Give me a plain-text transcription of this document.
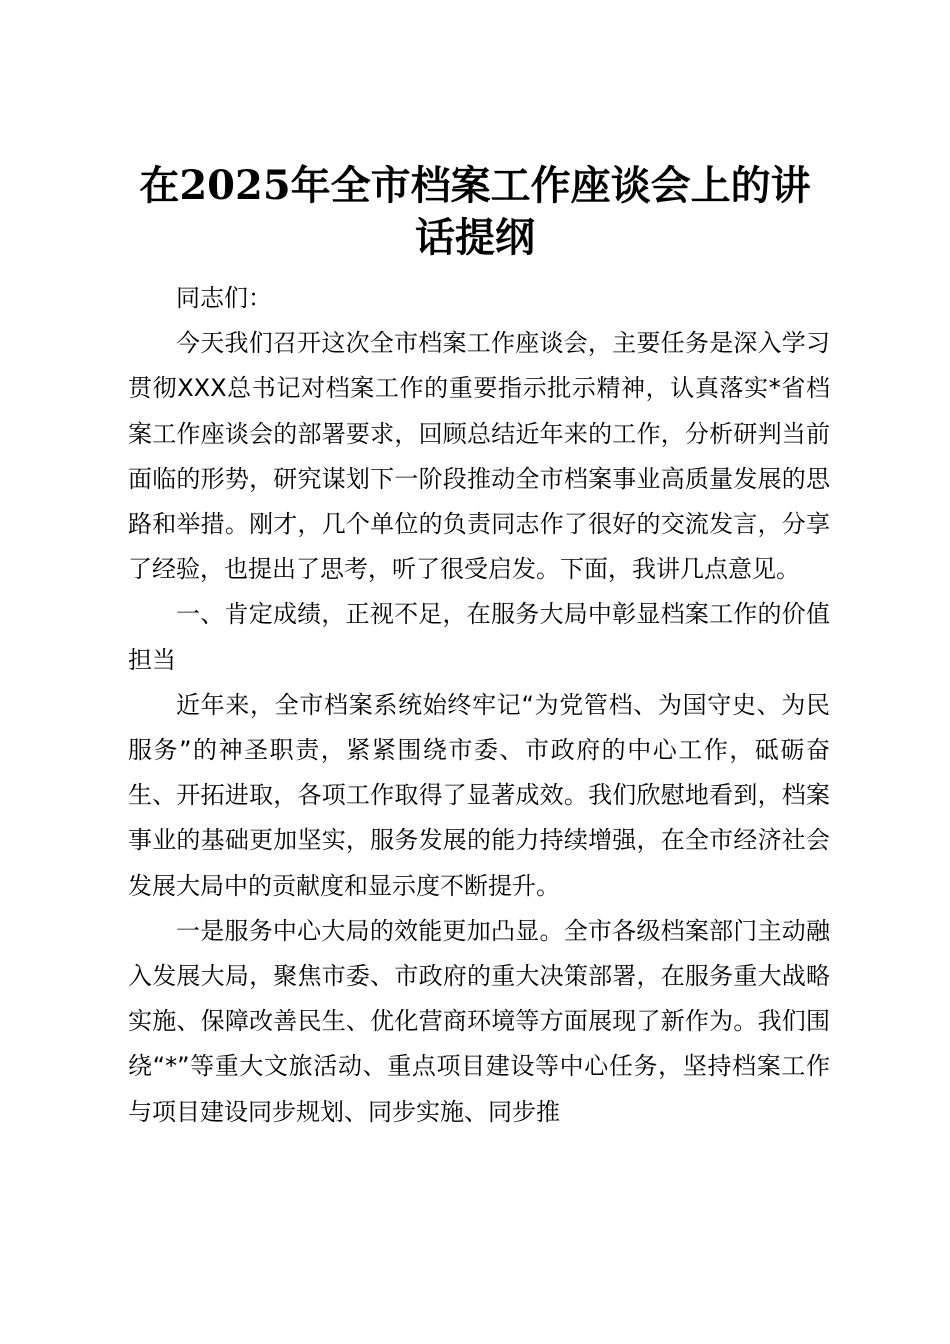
在2025年全市档案工作座谈会上的讲话提纲

同志们：

今天我们召开这次全市档案工作座谈会，主要任务是深入学习贯彻XXX总书记对档案工作的重要指示批示精神，认真落实*省档案工作座谈会的部署要求，回顾总结近年来的工作，分析研判当前面临的形势，研究谋划下一阶段推动全市档案事业高质量发展的思路和举措。刚才，几个单位的负责同志作了很好的交流发言，分享了经验，也提出了思考，听了很受启发。下面，我讲几点意见。

一、肯定成绩，正视不足，在服务大局中彰显档案工作的价值担当

近年来，全市档案系统始终牢记“为党管档、为国守史、为民服务”的神圣职责，紧紧围绕市委、市政府的中心工作，砥砺奋生、开拓进取，各项工作取得了显著成效。我们欣慰地看到，档案事业的基础更加坚实，服务发展的能力持续增强，在全市经济社会发展大局中的贡献度和显示度不断提升。

一是服务中心大局的效能更加凸显。全市各级档案部门主动融入发展大局，聚焦市委、市政府的重大决策部署，在服务重大战略实施、保障改善民生、优化营商环境等方面展现了新作为。我们围绕“*”等重大文旅活动、重点项目建设等中心任务，坚持档案工作与项目建设同步规划、同步实施、同步推
